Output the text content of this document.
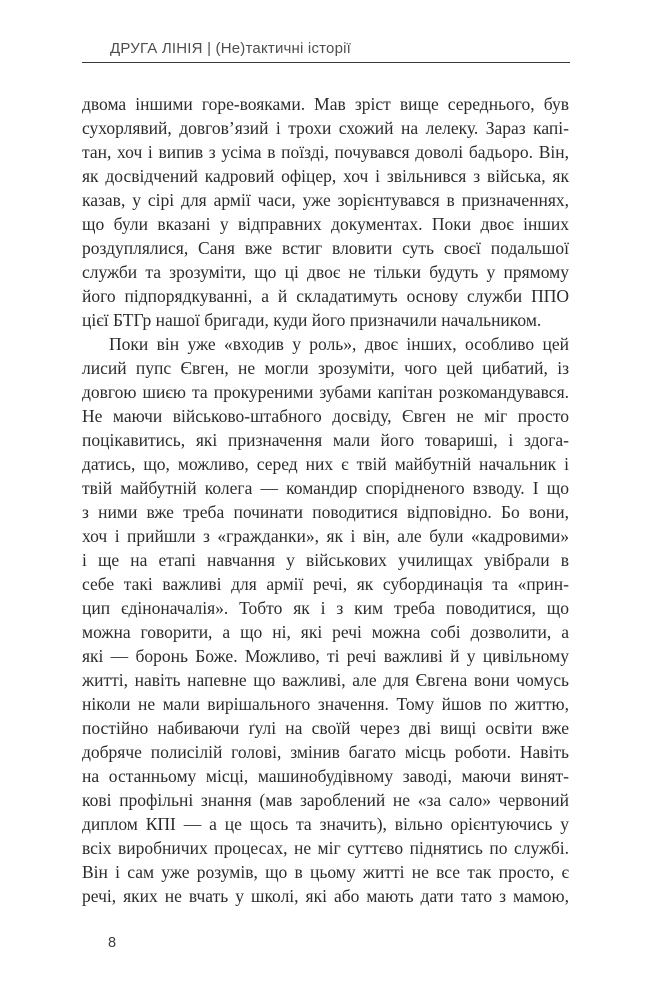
ДРУГА ЛІНІЯ | (Не)тактичні історії
двома іншими горе-вояками. Мав зріст вище середнього, був
сухорлявий, довгов’язий і трохи схожий на лелеку. Зараз капі-
тан, хоч і випив з усіма в поїзді, почувався доволі бадьоро. Він,
як досвідчений кадровий офіцер, хоч і звільнився з війська, як
казав, у сірі для армії часи, уже зорієнтувався в призначеннях,
що були вказані у відправних документах. Поки двоє інших
роздуплялися, Саня вже встиг вловити суть своєї подальшої
служби та зрозуміти, що ці двоє не тільки будуть у прямому
його підпорядкуванні, а й складатимуть основу служби ППО
цієї БТГр нашої бригади, куди його призначили начальником.
Поки він уже «входив у роль», двоє інших, особливо цей
лисий пупс Євген, не могли зрозуміти, чого цей цибатий, із
довгою шиєю та прокуреними зубами капітан розкомандувався.
Не маючи військово-штабного досвіду, Євген не міг просто
поцікавитись, які призначення мали його товариші, і здога-
датись, що, можливо, серед них є твій майбутній начальник і
твій майбутній колега — командир спорідненого взводу. І що
з ними вже треба починати поводитися відповідно. Бо вони,
хоч і прийшли з «гражданки», як і він, але були «кадровими»
і ще на етапі навчання у військових училищах увібрали в
себе такі важливі для армії речі, як субординація та «прин-
цип єдіноначалія». Тобто як і з ким треба поводитися, що
можна говорити, а що ні, які речі можна собі дозволити, а
які — боронь Боже. Можливо, ті речі важливі й у цивільному
житті, навіть напевне що важливі, але для Євгена вони чомусь
ніколи не мали вирішального значення. Тому йшов по життю,
постійно набиваючи ґулі на своїй через дві вищі освіти вже
добряче полисілій голові, змінив багато місць роботи. Навіть
на останньому місці, машинобудівному заводі, маючи винят-
кові профільні знання (мав зароблений не «за сало» червоний
диплом КПІ — а це щось та значить), вільно орієнтуючись у
всіх виробничих процесах, не міг суттєво піднятись по службі.
Він і сам уже розумів, що в цьому житті не все так просто, є
речі, яких не вчать у школі, які або мають дати тато з мамою,
8
